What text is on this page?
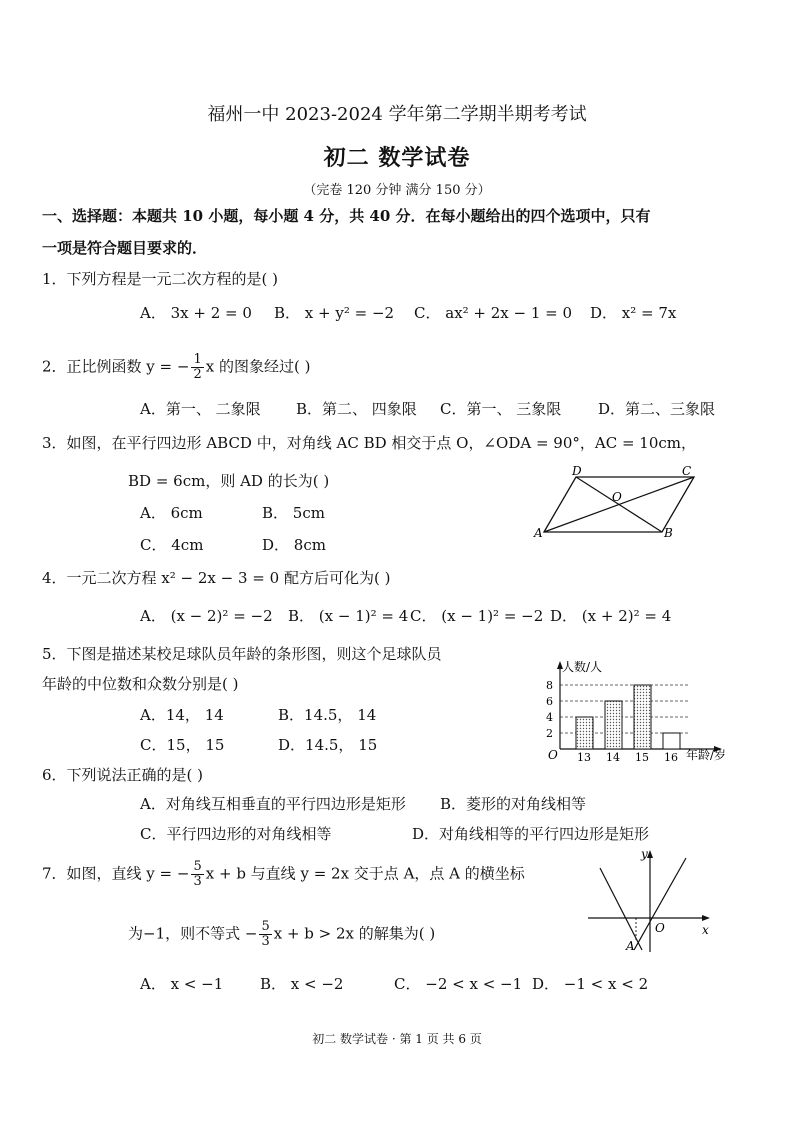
福州一中 2023-2024 学年第二学期半期考考试
初二 数学试卷
（完卷 120 分钟 满分 150 分）
一、选择题：本题共 10 小题，每小题 4 分，共 40 分．在每小题给出的四个选项中，只有
一项是符合题目要求的．
1．下列方程是一元二次方程的是( )
A． 3x + 2 = 0 B． x + y² = −2 C． ax² + 2x − 1 = 0 D． x² = 7x
2．正比例函数 y = − $\frac{1}{2}$ x 的图象经过( )
A．第一、 二象限 B．第二、 四象限 C．第一、 三象限 D．第二、三象限
3．如图，在平行四边形 ABCD 中，对角线 AC BD 相交于点 O，∠ODA = 90°，AC = 10cm，
BD = 6cm，则 AD 的长为( )
A． 6cm	B． 5cm
C． 4cm	D． 8cm
A	B
C
D
O
4．一元二次方程 x² − 2x − 3 = 0 配方后可化为( )
A． (x − 2)² = −2 B． (x − 1)² = 4 C． (x − 1)² = −2 D． (x + 2)² = 4
5．下图是描述某校足球队员年龄的条形图，则这个足球队员
年龄的中位数和众数分别是( )
A．14， 14	B．14.5， 14
C．15， 15	D．14.5， 15
人数/人
年龄/岁
O
2
4
6
8
13 14 15 16
6．下列说法正确的是( )
A．对角线互相垂直的平行四边形是矩形 B．菱形的对角线相等
C．平行四边形的对角线相等	D．对角线相等的平行四边形是矩形
7．如图，直线 y = − $\frac{5}{3}$ x + b 与直线 y = 2x 交于点 A，点 A 的横坐标
为−1，则不等式 − $\frac{5}{3}$ x + b > 2x 的解集为( )
A． x < −1 B． x < −2	C． −2 < x < −1 D． −1 < x < 2
y
x
O
A
初二 数学试卷 · 第 1 页 共 6 页
